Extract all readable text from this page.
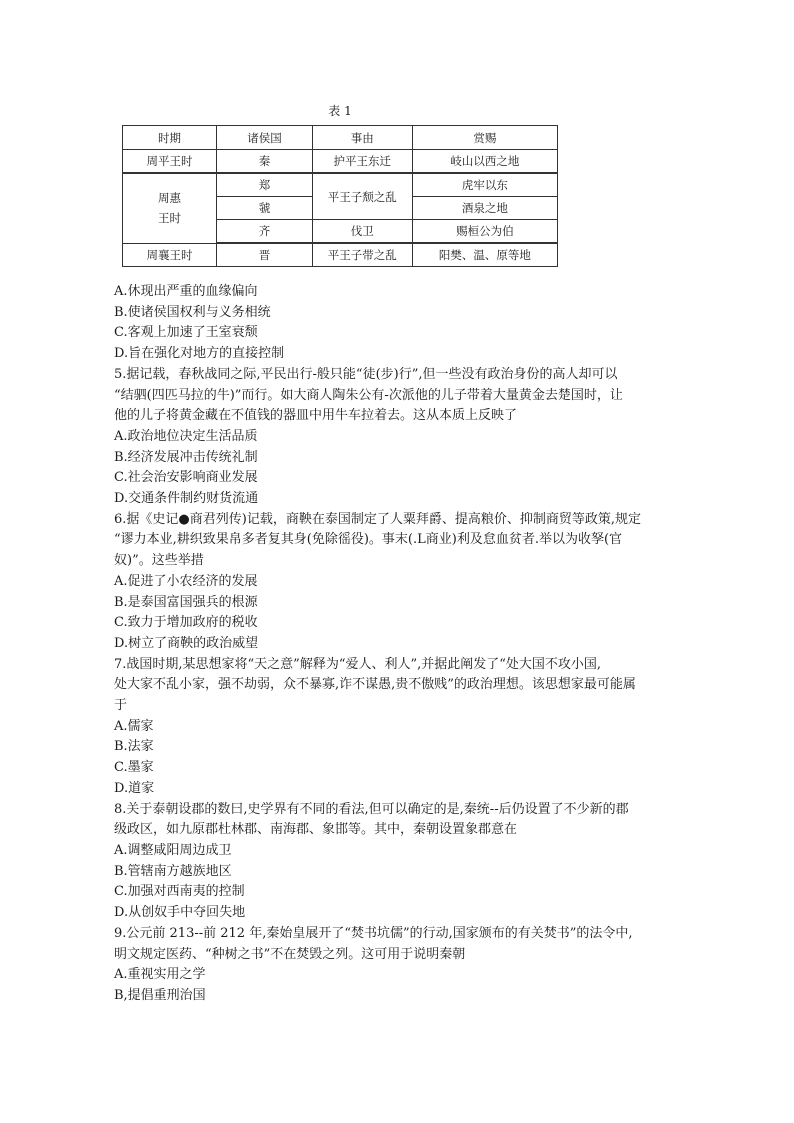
表 1
时期	诸侯国	事由	赏赐
周平王时	秦	护平王东迁	岐山以西之地
周惠王时	郑	平王子颓之乱	虎牢以东
	虢		酒泉之地
	齐	伐卫	赐桓公为伯
周襄王时	晋	平王子带之乱	阳樊、温、原等地
A.休现出严重的血缘偏向
B.使诸侯国权利与义务相统
C.客观上加速了王室衰颓
D.旨在强化对地方的直接控制
5.据记载，春秋战同之际,平民出行-般只能“徒(步)行”,但一些没有政治身份的高人却可以
“结驷(四匹马拉的牛)”而行。如大商人陶朱公有-次派他的儿子带着大量黄金去楚国时，让
他的儿子将黄金藏在不值钱的器皿中用牛车拉着去。这从本质上反映了
A.政治地位决定生活品质
B.经济发展冲击传统礼制
C.社会治安影响商业发展
D.交通条件制约财货流通
6.据《史记●商君列传)记载，商鞅在泰国制定了人粟拜爵、提高粮价、抑制商贸等政策,规定
“谬力本业,耕织致果帛多者复其身(免除徭役)。事末(.L商业)利及怠血贫者.举以为收孥(官
奴)”。这些举措
A.促进了小农经济的发展
B.是泰国富国强兵的根源
C.致力于增加政府的税收
D.树立了商鞅的政治威望
7.战国时期,某思想家将“天之意”解释为“爱人、利人”,并据此阐发了“处大国不攻小国,
处大家不乱小家，强不劫弱，众不暴寡,诈不谋愚,贵不傲贱”的政治理想。该思想家最可能属
于
A.儒家
B.法家
C.墨家
D.道家
8.关于泰朝设郡的数曰,史学界有不同的看法,但可以确定的是,秦统--后仍设置了不少新的郡
级政区，如九原郡杜林郡、南海郡、象邯等。其中，秦朝设置象郡意在
A.调整咸阳周边成卫
B.管辖南方越族地区
C.加强对西南夷的控制
D.从创奴手中夺回失地
9.公元前 213--前 212 年,秦始皇展开了“焚书坑儒”的行动,国家颁布的有关焚书”的法令中,
明文规定医药、“种树之书”不在焚毁之列。这可用于说明秦朝
A.重视实用之学
B,提倡重刑治国
